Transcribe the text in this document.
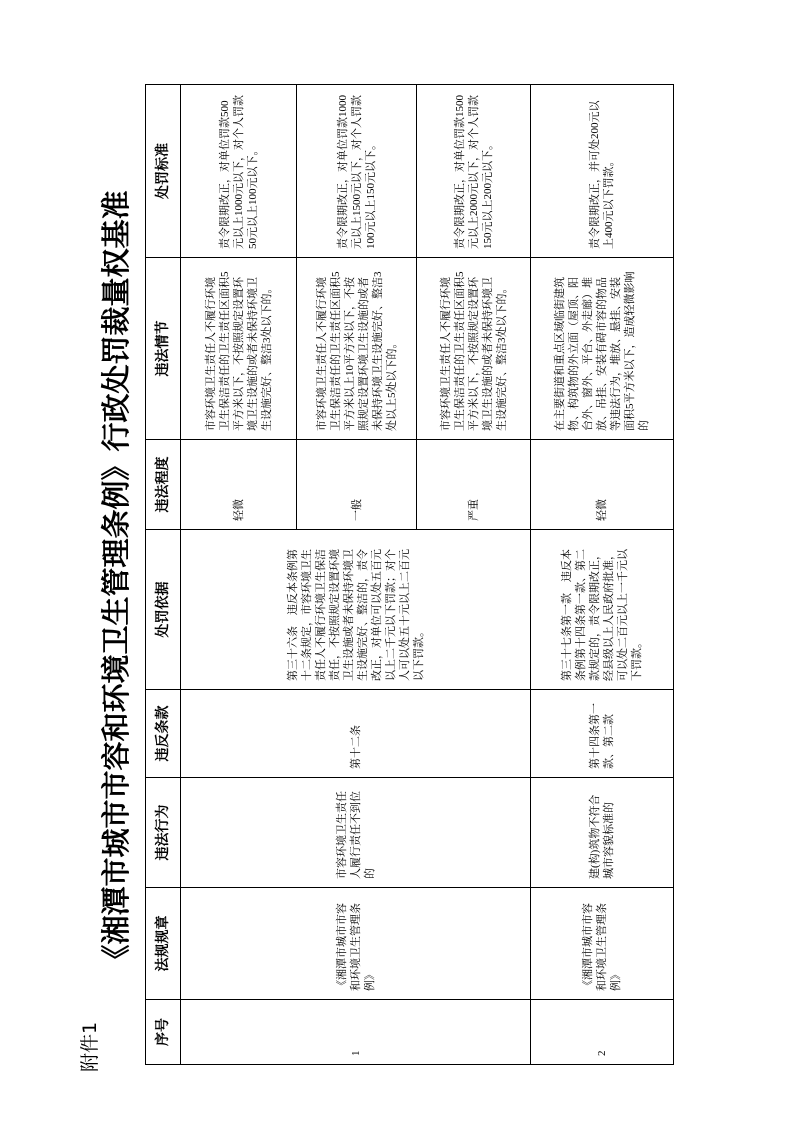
附件1
《湘潭市城市市容和环境卫生管理条例》行政处罚裁量权基准
序号	法规规章	违法行为	违反条款	处罚依据	违法程度	违法情节	处罚标准
1	《湘潭市城市市容和环境卫生管理条例》	市容环境卫生责任人履行责任不到位的	第十二条	第三十六条　违反本条例第十二条规定，市容环境卫生责任人不履行环境卫生保洁责任，不按照规定设置环境卫生设施或者未保持环境卫生设施完好、整洁的，责令改正，对单位可以处五百元以上二千元以下罚款；对个人可以处五十元以上二百元以下罚款。	轻微	市容环境卫生责任人不履行环境卫生保洁责任的卫生责任区面积5平方米以下，不按照规定设置环境卫生设施的或者未保持环境卫生设施完好、整洁3处以下的。	责令限期改正，对单位罚款500元以上1000元以下，对个人罚款50元以上100元以下。
					一般	市容环境卫生责任人不履行环境卫生保洁责任的卫生责任区面积5平方米以上10平方米以下，不按照规定设置环境卫生设施的或者未保持环境卫生设施完好、整洁3处以上5处以下的。	责令限期改正，对单位罚款1000元以上1500元以下，对个人罚款100元以上150元以下。
					严重	市容环境卫生责任人不履行环境卫生保洁责任的卫生责任区面积5平方米以下，不按照规定设置环境卫生设施的或者未保持环境卫生设施完好、整洁3处以下的。	责令限期改正，对单位罚款1500元以上2000元以下，对个人罚款150元以上200元以下。
2	《湘潭市城市市容和环境卫生管理条例》	建(构)筑物不符合城市容貌标准的	第十四条第一款、第二款	第三十七条第一款　违反本条例第十四条第一款、第二款规定的，责令限期改正，经县级以上人民政府批准，可以处二百元以上一千元以下罚款。	轻微	在主要街道和重点区域临街建筑物、构筑物的外立面（屋顶、阳台外、窗外、平台、外走廊）堆放、吊挂、安装有碍市容的物品等违法行为，堆放、悬挂、安装面积5平方米以下，造成轻微影响的	责令限期改正，并可处200元以上400元以下罚款。
